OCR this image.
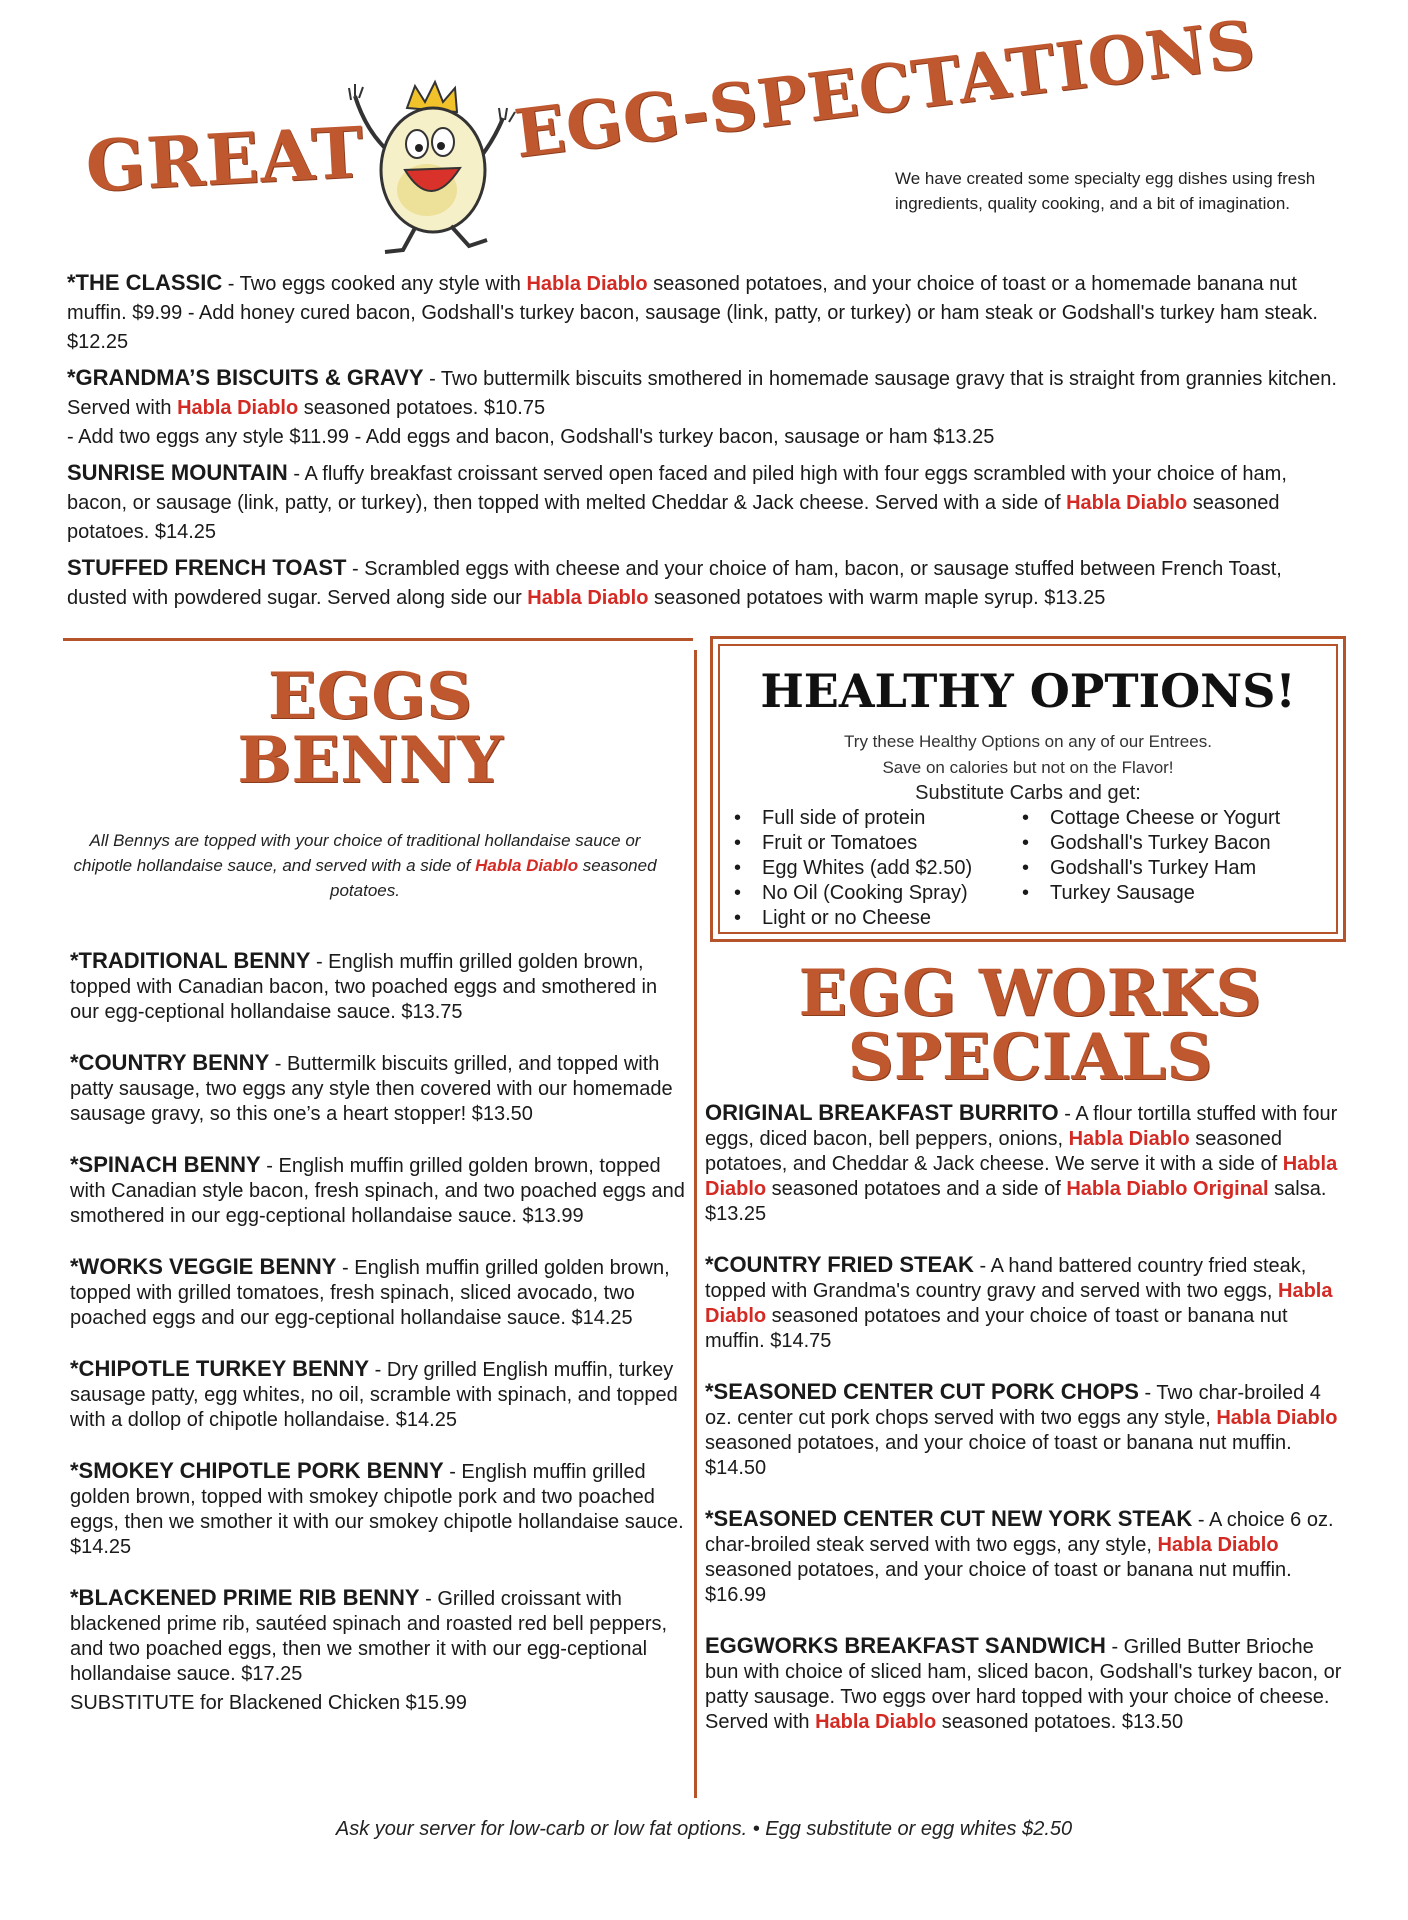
GREAT	EGG-SPECTATIONS
We have created some specialty egg dishes using fresh ingredients, quality cooking, and a bit of imagination.
*THE CLASSIC - Two eggs cooked any style with Habla Diablo seasoned potatoes, and your choice of toast or a homemade banana nut muffin. $9.99 - Add honey cured bacon, Godshall's turkey bacon, sausage (link, patty, or turkey) or ham steak or Godshall's turkey ham steak. $12.25
*GRANDMA’S BISCUITS & GRAVY - Two buttermilk biscuits smothered in homemade sausage gravy that is straight from grannies kitchen. Served with Habla Diablo seasoned potatoes. $10.75
- Add two eggs any style $11.99 - Add eggs and bacon, Godshall's turkey bacon, sausage or ham $13.25
SUNRISE MOUNTAIN - A fluffy breakfast croissant served open faced and piled high with four eggs scrambled with your choice of ham, bacon, or sausage (link, patty, or turkey), then topped with melted Cheddar & Jack cheese. Served with a side of Habla Diablo seasoned potatoes. $14.25
STUFFED FRENCH TOAST - Scrambled eggs with cheese and your choice of ham, bacon, or sausage stuffed between French Toast, dusted with powdered sugar. Served along side our Habla Diablo seasoned potatoes with warm maple syrup. $13.25
EGGS
BENNY
All Bennys are topped with your choice of traditional hollandaise sauce or chipotle hollandaise sauce, and served with a side of Habla Diablo seasoned potatoes.
*TRADITIONAL BENNY - English muffin grilled golden brown, topped with Canadian bacon, two poached eggs and smothered in our egg-ceptional hollandaise sauce. $13.75
*COUNTRY BENNY - Buttermilk biscuits grilled, and topped with patty sausage, two eggs any style then covered with our homemade sausage gravy, so this one’s a heart stopper! $13.50
*SPINACH BENNY - English muffin grilled golden brown, topped with Canadian style bacon, fresh spinach, and two poached eggs and smothered in our egg-ceptional hollandaise sauce. $13.99
*WORKS VEGGIE BENNY - English muffin grilled golden brown, topped with grilled tomatoes, fresh spinach, sliced avocado, two poached eggs and our egg-ceptional hollandaise sauce. $14.25
*CHIPOTLE TURKEY BENNY - Dry grilled English muffin, turkey sausage patty, egg whites, no oil, scramble with spinach, and topped with a dollop of chipotle hollandaise. $14.25
*SMOKEY CHIPOTLE PORK BENNY - English muffin grilled golden brown, topped with smokey chipotle pork and two poached eggs, then we smother it with our smokey chipotle hollandaise sauce. $14.25
*BLACKENED PRIME RIB BENNY - Grilled croissant with blackened prime rib, sautéed spinach and roasted red bell peppers, and two poached eggs, then we smother it with our egg-ceptional hollandaise sauce. $17.25
SUBSTITUTE for Blackened Chicken $15.99
HEALTHY OPTIONS!
Try these Healthy Options on any of our Entrees.
Save on calories but not on the Flavor!
Substitute Carbs and get:
• Full side of protein
• Fruit or Tomatoes
• Egg Whites (add $2.50)
• No Oil (Cooking Spray)
• Light or no Cheese
• Cottage Cheese or Yogurt
• Godshall's Turkey Bacon
• Godshall's Turkey Ham
• Turkey Sausage
EGG WORKS
SPECIALS
ORIGINAL BREAKFAST BURRITO - A flour tortilla stuffed with four eggs, diced bacon, bell peppers, onions, Habla Diablo seasoned potatoes, and Cheddar & Jack cheese. We serve it with a side of Habla Diablo seasoned potatoes and a side of Habla Diablo Original salsa. $13.25
*COUNTRY FRIED STEAK - A hand battered country fried steak, topped with Grandma's country gravy and served with two eggs, Habla Diablo seasoned potatoes and your choice of toast or banana nut muffin. $14.75
*SEASONED CENTER CUT PORK CHOPS - Two char-broiled 4 oz. center cut pork chops served with two eggs any style, Habla Diablo seasoned potatoes, and your choice of toast or banana nut muffin. $14.50
*SEASONED CENTER CUT NEW YORK STEAK - A choice 6 oz. char-broiled steak served with two eggs, any style, Habla Diablo seasoned potatoes, and your choice of toast or banana nut muffin. $16.99
EGGWORKS BREAKFAST SANDWICH - Grilled Butter Brioche bun with choice of sliced ham, sliced bacon, Godshall's turkey bacon, or patty sausage. Two eggs over hard topped with your choice of cheese. Served with Habla Diablo seasoned potatoes. $13.50
Ask your server for low-carb or low fat options. • Egg substitute or egg whites $2.50
